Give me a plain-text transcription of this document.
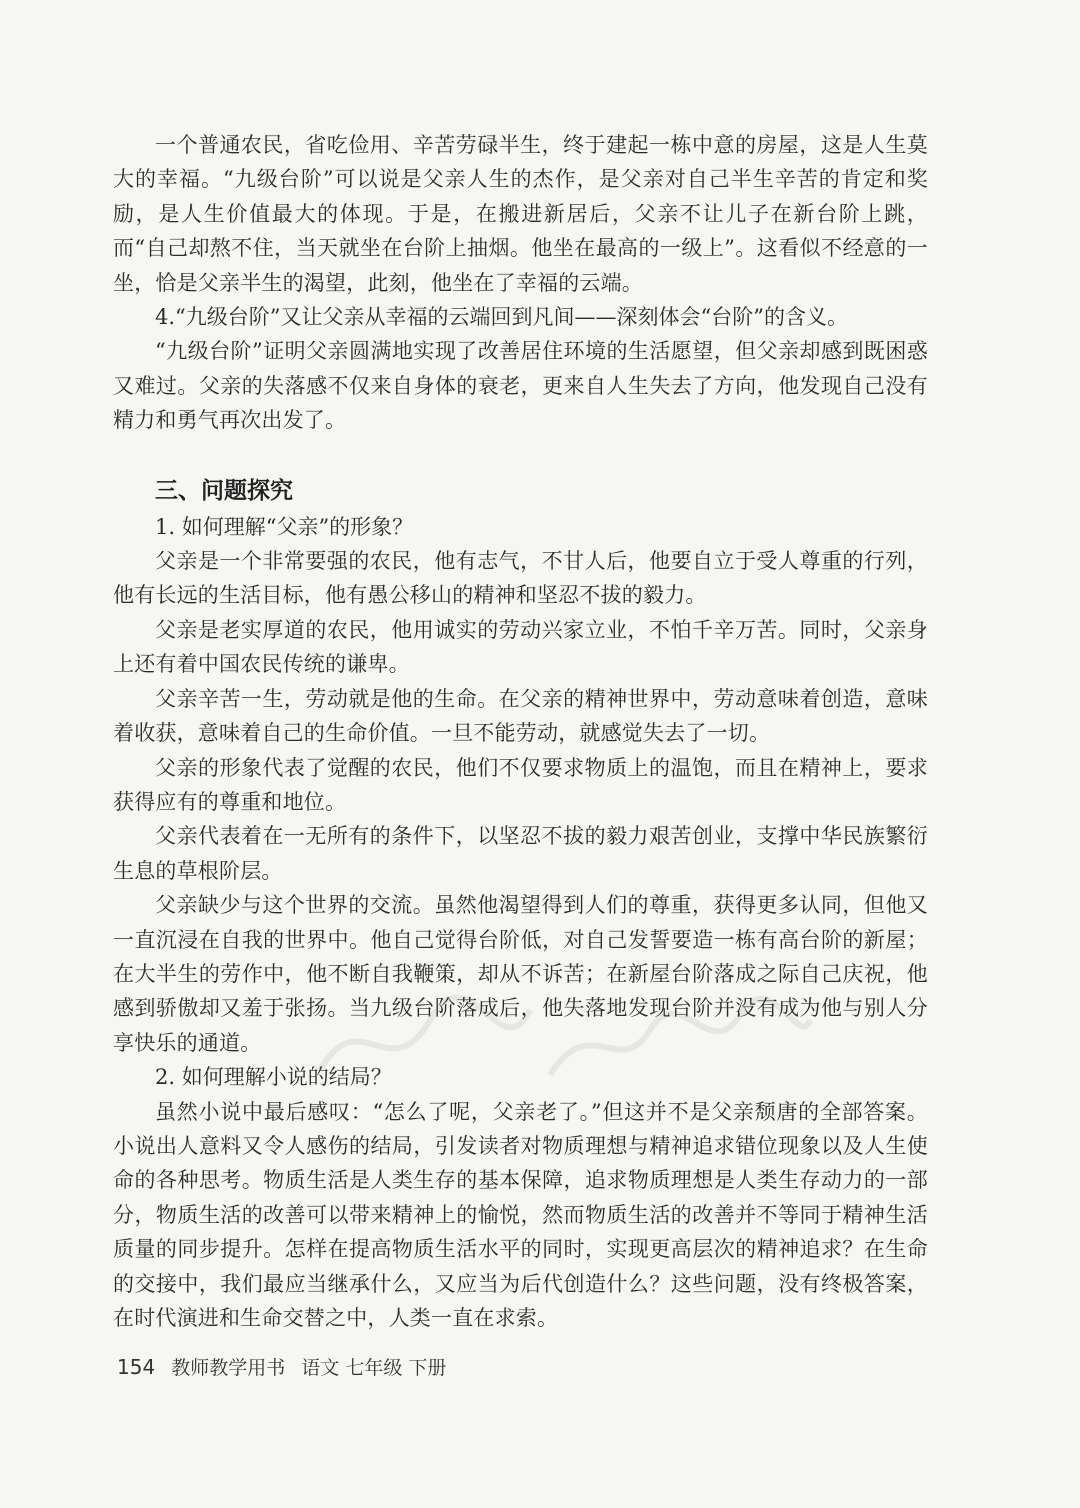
一个普通农民，省吃俭用、辛苦劳碌半生，终于建起一栋中意的房屋，这是人生莫大的幸福。“九级台阶”可以说是父亲人生的杰作，是父亲对自己半生辛苦的肯定和奖励，是人生价值最大的体现。于是，在搬进新居后，父亲不让儿子在新台阶上跳，而“自己却熬不住，当天就坐在台阶上抽烟。他坐在最高的一级上”。这看似不经意的一坐，恰是父亲半生的渴望，此刻，他坐在了幸福的云端。

4.“九级台阶”又让父亲从幸福的云端回到凡间——深刻体会“台阶”的含义。

“九级台阶”证明父亲圆满地实现了改善居住环境的生活愿望，但父亲却感到既困惑又难过。父亲的失落感不仅来自身体的衰老，更来自人生失去了方向，他发现自己没有精力和勇气再次出发了。

三、问题探究

1. 如何理解“父亲”的形象？

父亲是一个非常要强的农民，他有志气，不甘人后，他要自立于受人尊重的行列，他有长远的生活目标，他有愚公移山的精神和坚忍不拔的毅力。

父亲是老实厚道的农民，他用诚实的劳动兴家立业，不怕千辛万苦。同时，父亲身上还有着中国农民传统的谦卑。

父亲辛苦一生，劳动就是他的生命。在父亲的精神世界中，劳动意味着创造，意味着收获，意味着自己的生命价值。一旦不能劳动，就感觉失去了一切。

父亲的形象代表了觉醒的农民，他们不仅要求物质上的温饱，而且在精神上，要求获得应有的尊重和地位。

父亲代表着在一无所有的条件下，以坚忍不拔的毅力艰苦创业，支撑中华民族繁衍生息的草根阶层。

父亲缺少与这个世界的交流。虽然他渴望得到人们的尊重，获得更多认同，但他又一直沉浸在自我的世界中。他自己觉得台阶低，对自己发誓要造一栋有高台阶的新屋；在大半生的劳作中，他不断自我鞭策，却从不诉苦；在新屋台阶落成之际自己庆祝，他感到骄傲却又羞于张扬。当九级台阶落成后，他失落地发现台阶并没有成为他与别人分享快乐的通道。

2. 如何理解小说的结局？

虽然小说中最后感叹：“怎么了呢，父亲老了。”但这并不是父亲颓唐的全部答案。小说出人意料又令人感伤的结局，引发读者对物质理想与精神追求错位现象以及人生使命的各种思考。物质生活是人类生存的基本保障，追求物质理想是人类生存动力的一部分，物质生活的改善可以带来精神上的愉悦，然而物质生活的改善并不等同于精神生活质量的同步提升。怎样在提高物质生活水平的同时，实现更高层次的精神追求？在生命的交接中，我们最应当继承什么，又应当为后代创造什么？这些问题，没有终极答案，在时代演进和生命交替之中，人类一直在求索。

154 教师教学用书 语文 七年级 下册
